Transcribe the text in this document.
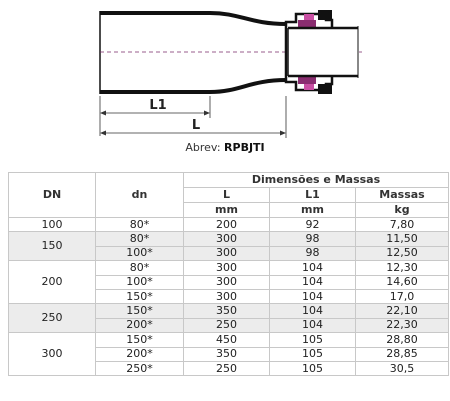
L1
L
Abrev: RPBJTI
DN	dn	Dimensões e Massas		
		L	L1	Massas
		mm	mm	kg
100	80*	200	92	7,80
150	80*	300	98	11,50
	100*	300	98	12,50
200	80*	300	104	12,30
	100*	300	104	14,60
	150*	300	104	17,0
250	150*	350	104	22,10
	200*	250	104	22,30
300	150*	450	105	28,80
	200*	350	105	28,85
	250*	250	105	30,5
